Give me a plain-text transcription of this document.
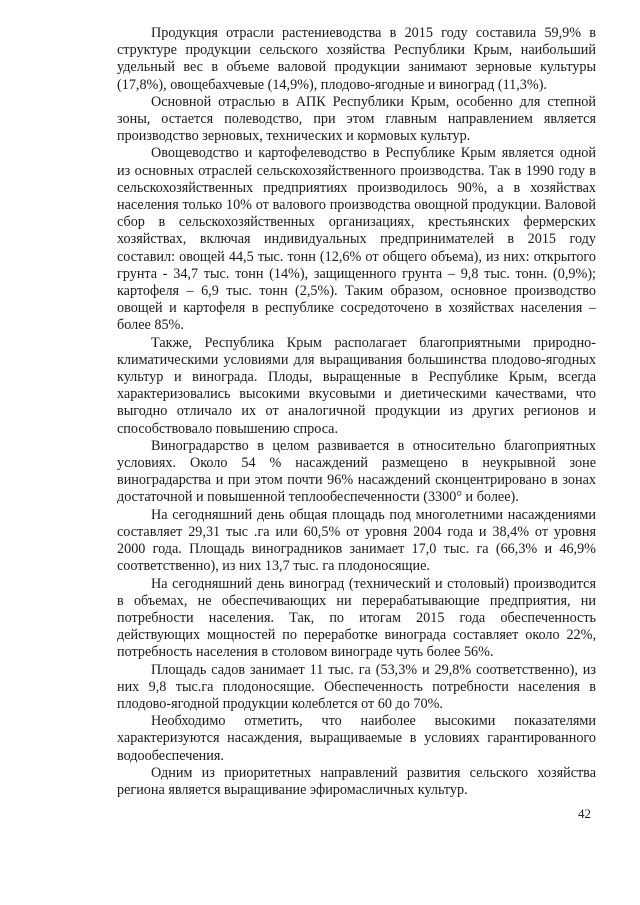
Продукция отрасли растениеводства в 2015 году составила 59,9% в структуре продукции сельского хозяйства Республики Крым, наибольший удельный вес в объеме валовой продукции занимают зерновые культуры (17,8%), овощебахчевые (14,9%), плодово-ягодные и виноград (11,3%).

Основной отраслью в АПК Республики Крым, особенно для степной зоны, остается полеводство, при этом главным направлением является производство зерновых, технических и кормовых культур.

Овощеводство и картофелеводство в Республике Крым является одной из основных отраслей сельскохозяйственного производства. Так в 1990 году в сельскохозяйственных предприятиях производилось 90%, а в хозяйствах населения только 10% от валового производства овощной продукции. Валовой сбор в сельскохозяйственных организациях, крестьянских фермерских хозяйствах, включая индивидуальных предпринимателей в 2015 году составил: овощей 44,5 тыс. тонн (12,6% от общего объема), из них: открытого грунта - 34,7 тыс. тонн (14%), защищенного грунта – 9,8 тыс. тонн. (0,9%); картофеля – 6,9 тыс. тонн (2,5%). Таким образом, основное производство овощей и картофеля в республике сосредоточено в хозяйствах населения – более 85%.

Также, Республика Крым располагает благоприятными природно-климатическими условиями для выращивания большинства плодово-ягодных культур и винограда. Плоды, выращенные в Республике Крым, всегда характеризовались высокими вкусовыми и диетическими качествами, что выгодно отличало их от аналогичной продукции из других регионов и способствовало повышению спроса.

Виноградарство в целом развивается в относительно благоприятных условиях. Около 54 % насаждений размещено в неукрывной зоне виноградарства и при этом почти 96% насаждений сконцентрировано в зонах достаточной и повышенной теплообеспеченности (3300° и более).

На сегодняшний день общая площадь под многолетними насаждениями составляет 29,31 тыс .га или 60,5% от уровня 2004 года и 38,4% от уровня 2000 года. Площадь виноградников занимает 17,0 тыс. га (66,3% и 46,9% соответственно), из них 13,7 тыс. га плодоносящие.

На сегодняшний день виноград (технический и столовый) производится в объемах, не обеспечивающих ни перерабатывающие предприятия, ни потребности населения. Так, по итогам 2015 года обеспеченность действующих мощностей по переработке винограда составляет около 22%, потребность населения в столовом винограде чуть более 56%.

Площадь садов занимает 11 тыс. га (53,3% и 29,8% соответственно), из них 9,8 тыс.га плодоносящие. Обеспеченность потребности населения в плодово-ягодной продукции колеблется от 60 до 70%.

Необходимо отметить, что наиболее высокими показателями характеризуются насаждения, выращиваемые в условиях гарантированного водообеспечения.

Одним из приоритетных направлений развития сельского хозяйства региона является выращивание эфиромасличных культур.

42
